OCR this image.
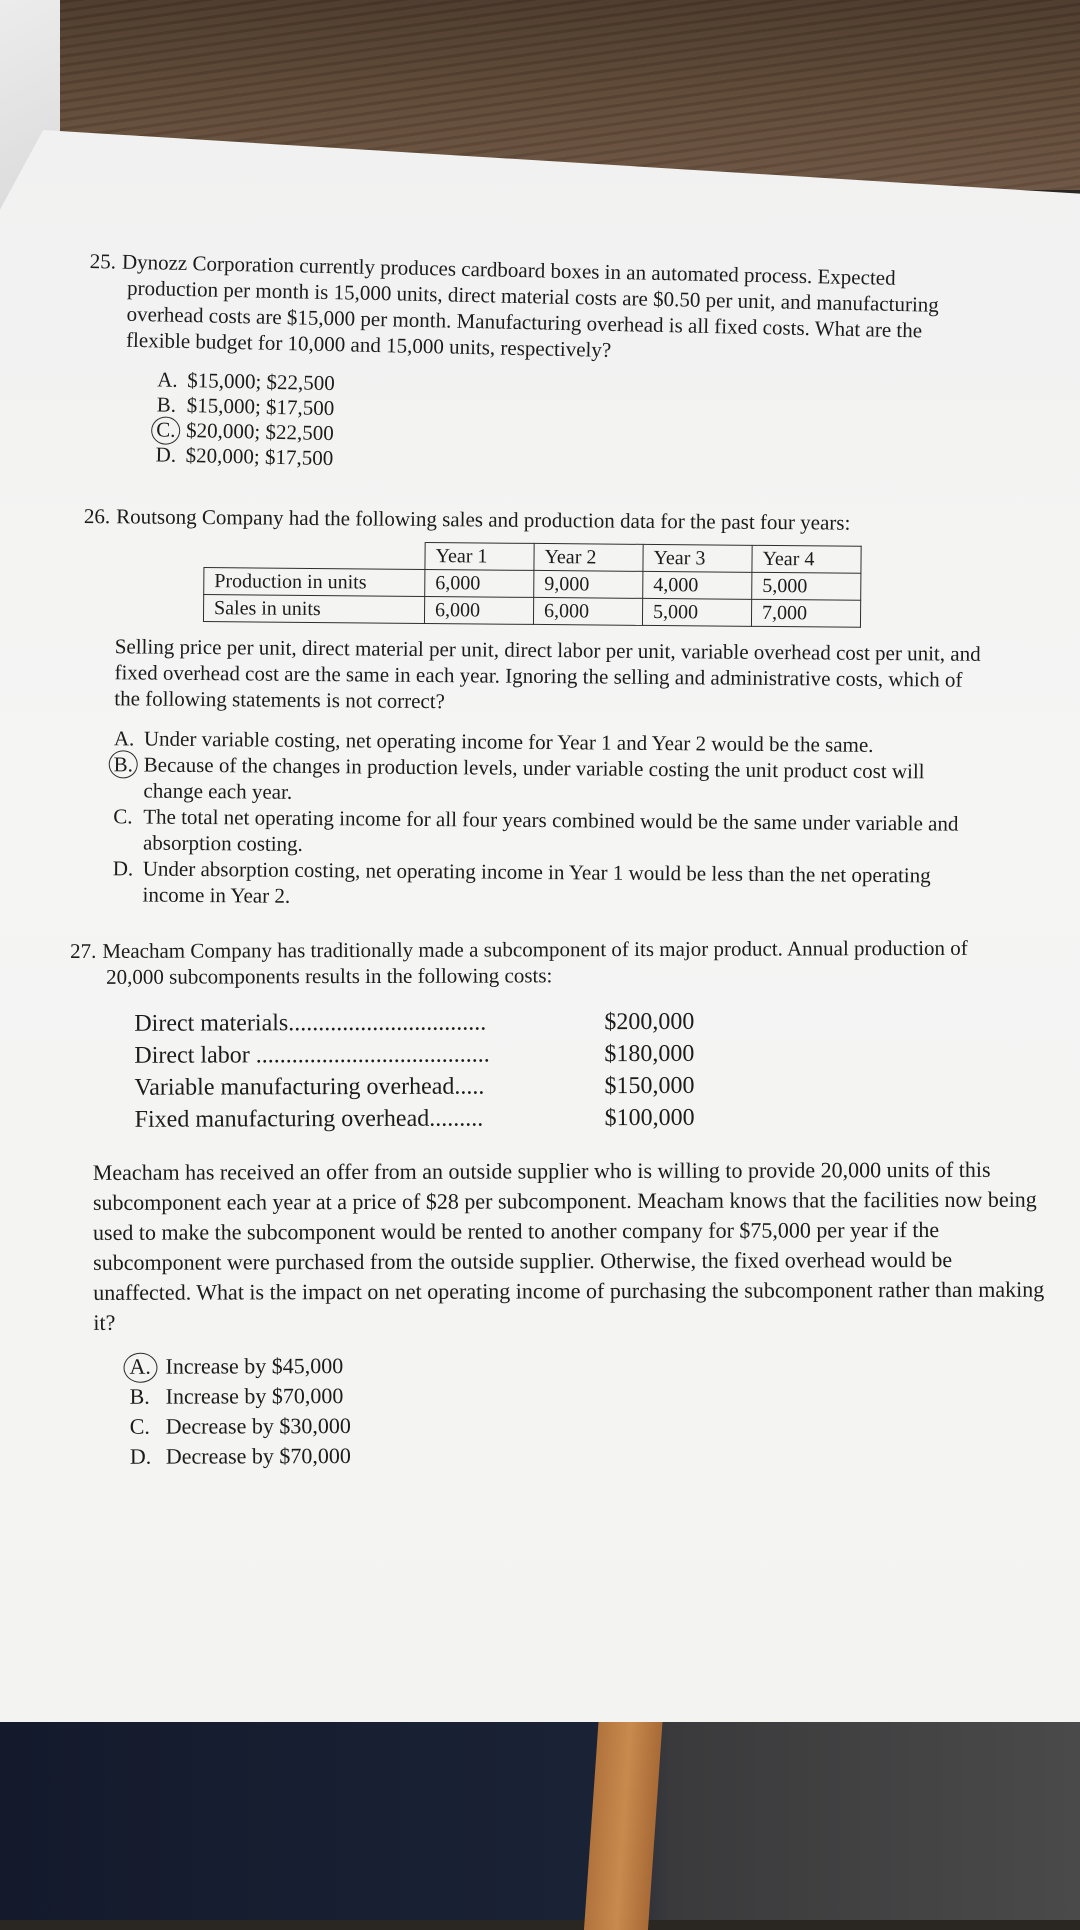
25. Dynozz Corporation currently produces cardboard boxes in an automated process. Expected production per month is 15,000 units, direct material costs are $0.50 per unit, and manufacturing overhead costs are $15,000 per month. Manufacturing overhead is all fixed costs. What are the flexible budget for 10,000 and 15,000 units, respectively?

A. $15,000; $22,500
B. $15,000; $17,500
C. $20,000; $22,500
D. $20,000; $17,500

26. Routsong Company had the following sales and production data for the past four years:

	Year 1	Year 2	Year 3	Year 4
Production in units	6,000	9,000	4,000	5,000
Sales in units	6,000	6,000	5,000	7,000

Selling price per unit, direct material per unit, direct labor per unit, variable overhead cost per unit, and fixed overhead cost are the same in each year. Ignoring the selling and administrative costs, which of the following statements is not correct?

A. Under variable costing, net operating income for Year 1 and Year 2 would be the same.
B. Because of the changes in production levels, under variable costing the unit product cost will change each year.
C. The total net operating income for all four years combined would be the same under variable and absorption costing.
D. Under absorption costing, net operating income in Year 1 would be less than the net operating income in Year 2.

27. Meacham Company has traditionally made a subcomponent of its major product. Annual production of 20,000 subcomponents results in the following costs:

Direct materials.................................	$200,000
Direct labor .......................................	$180,000
Variable manufacturing overhead.....	$150,000
Fixed manufacturing overhead.........	$100,000

Meacham has received an offer from an outside supplier who is willing to provide 20,000 units of this subcomponent each year at a price of $28 per subcomponent. Meacham knows that the facilities now being used to make the subcomponent would be rented to another company for $75,000 per year if the subcomponent were purchased from the outside supplier. Otherwise, the fixed overhead would be unaffected. What is the impact on net operating income of purchasing the subcomponent rather than making it?

A. Increase by $45,000
B. Increase by $70,000
C. Decrease by $30,000
D. Decrease by $70,000
